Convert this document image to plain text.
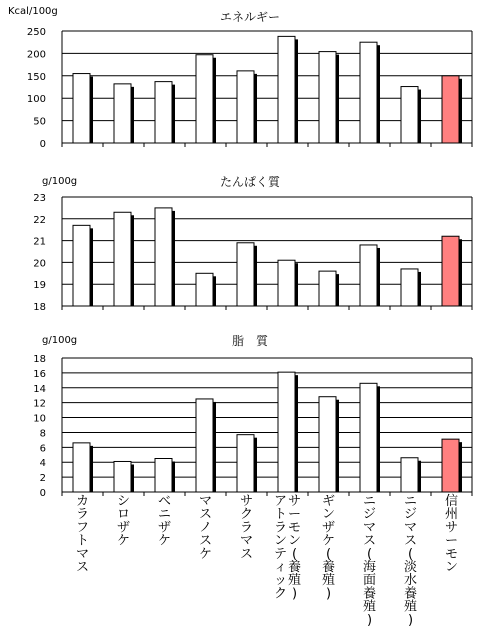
0
50
100
150
200
250
エネルギー
Kcal/100g
18
19
20
21
22
23
たんぱく質
g/100g
0
2
4
6
8
10
12
14
16
18
脂　質
g/100g
カラフトマス
シロザケ
ベニザケ
マスノスケ
サクラマス
アトランティックサーモン(養殖)
ギンザケ(養殖)
ニジマス(海面養殖)
ニジマス(淡水養殖)
信州サーモン
